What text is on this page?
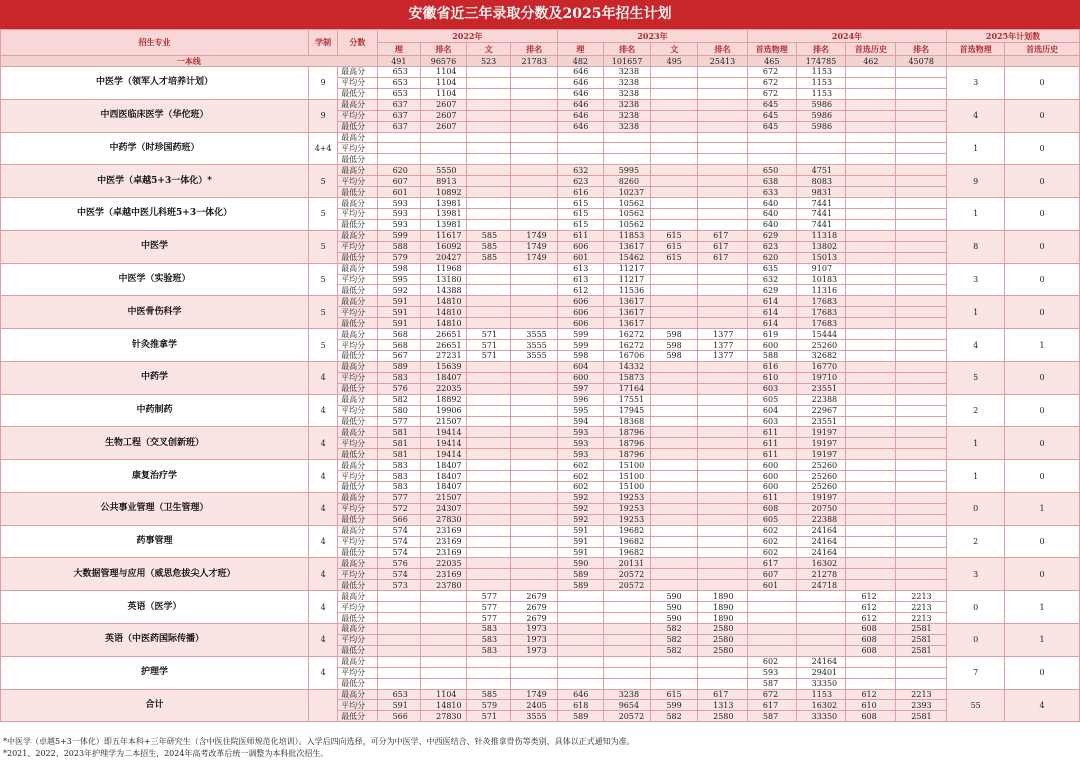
安徽省近三年录取分数及2025年招生计划
招生专业	学制	分数	2022年				2023年				2024年				2025年计划数	
			理	排名	文	排名	理	排名	文	排名	首选物理	排名	首选历史	排名	首选物理	首选历史
一本线			491	96576	523	21783	482	101657	495	25413	465	174785	462	45078		
中医学（领军人才培养计划）	9	最高分	653	1104			646	3238			672	1153			3	0
		平均分	653	1104			646	3238			672	1153				
		最低分	653	1104			646	3238			672	1153				
中西医临床医学（华佗班）	9	最高分	637	2607			646	3238			645	5986			4	0
		平均分	637	2607			646	3238			645	5986				
		最低分	637	2607			646	3238			645	5986				
中药学（时珍国药班）	4+4	最高分													1	0
		平均分														
		最低分														
中医学（卓越5+3一体化）*	5	最高分	620	5550			632	5995			650	4751			9	0
		平均分	607	8913			623	8260			638	8083				
		最低分	601	10892			616	10237			633	9831				
中医学（卓越中医儿科班5+3一体化）	5	最高分	593	13981			615	10562			640	7441			1	0
		平均分	593	13981			615	10562			640	7441				
		最低分	593	13981			615	10562			640	7441				
中医学	5	最高分	599	11617	585	1749	611	11853	615	617	629	11318			8	0
		平均分	588	16092	585	1749	606	13617	615	617	623	13802				
		最低分	579	20427	585	1749	601	15462	615	617	620	15013				
中医学（实验班）	5	最高分	598	11968			613	11217			635	9107			3	0
		平均分	595	13180			613	11217			632	10183				
		最低分	592	14388			612	11536			629	11316				
中医骨伤科学	5	最高分	591	14810			606	13617			614	17683			1	0
		平均分	591	14810			606	13617			614	17683				
		最低分	591	14810			606	13617			614	17683				
针灸推拿学	5	最高分	568	26651	571	3555	599	16272	598	1377	619	15444			4	1
		平均分	568	26651	571	3555	599	16272	598	1377	600	25260				
		最低分	567	27231	571	3555	598	16706	598	1377	588	32682				
中药学	4	最高分	589	15639			604	14332			616	16770			5	0
		平均分	583	18407			600	15873			610	19710				
		最低分	576	22035			597	17164			603	23551				
中药制药	4	最高分	582	18892			596	17551			605	22388			2	0
		平均分	580	19906			595	17945			604	22967				
		最低分	577	21507			594	18368			603	23551				
生物工程（交叉创新班）	4	最高分	581	19414			593	18796			611	19197			1	0
		平均分	581	19414			593	18796			611	19197				
		最低分	581	19414			593	18796			611	19197				
康复治疗学	4	最高分	583	18407			602	15100			600	25260			1	0
		平均分	583	18407			602	15100			600	25260				
		最低分	583	18407			602	15100			600	25260				
公共事业管理（卫生管理）	4	最高分	577	21507			592	19253			611	19197			0	1
		平均分	572	24307			592	19253			608	20750				
		最低分	566	27830			592	19253			605	22388				
药事管理	4	最高分	574	23169			591	19682			602	24164			2	0
		平均分	574	23169			591	19682			602	24164				
		最低分	574	23169			591	19682			602	24164				
大数据管理与应用（威思危拔尖人才班）	4	最高分	576	22035			590	20131			617	16302			3	0
		平均分	574	23169			589	20572			607	21278				
		最低分	573	23780			589	20572			601	24718				
英语（医学）	4	最高分			577	2679			590	1890			612	2213	0	1
		平均分			577	2679			590	1890			612	2213		
		最低分			577	2679			590	1890			612	2213		
英语（中医药国际传播）	4	最高分			583	1973			582	2580			608	2581	0	1
		平均分			583	1973			582	2580			608	2581		
		最低分			583	1973			582	2580			608	2581		
护理学	4	最高分									602	24164			7	0
		平均分									593	29401				
		最低分									587	33350				
合计		最高分	653	1104	585	1749	646	3238	615	617	672	1153	612	2213	55	4
		平均分	591	14810	579	2405	618	9654	599	1313	617	16302	610	2393		
		最低分	566	27830	571	3555	589	20572	582	2580	587	33350	608	2581		
*中医学（卓越5+3一体化）即五年本科+三年研究生（含中医住院医师规范化培训）。入学后四向选择，可分为中医学、中西医结合、针灸推拿骨伤等类别，具体以正式通知为准。
*2021、2022、2023年护理学为二本招生，2024年高考改革后统一调整为本科批次招生。
